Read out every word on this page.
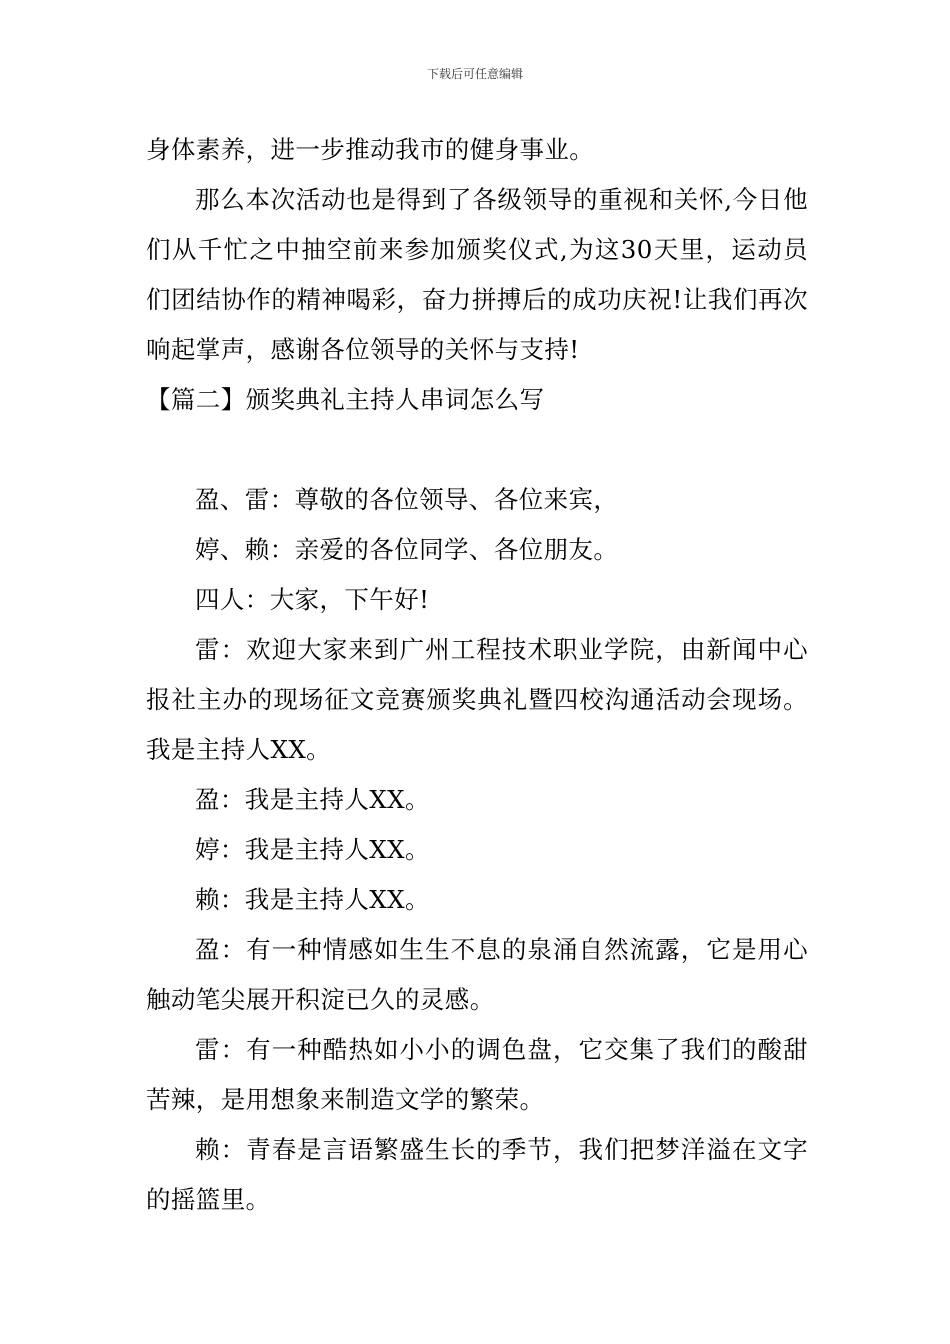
下载后可任意编辑

身体素养，进一步推动我市的健身事业。

那么本次活动也是得到了各级领导的重视和关怀,今日他们从千忙之中抽空前来参加颁奖仪式,为这30天里，运动员们团结协作的精神喝彩，奋力拼搏后的成功庆祝!让我们再次响起掌声，感谢各位领导的关怀与支持!

【篇二】颁奖典礼主持人串词怎么写

盈、雷：尊敬的各位领导、各位来宾，

婷、赖：亲爱的各位同学、各位朋友。

四人：大家，下午好!

雷：欢迎大家来到广州工程技术职业学院，由新闻中心报社主办的现场征文竞赛颁奖典礼暨四校沟通活动会现场。我是主持人XX。

盈：我是主持人XX。

婷：我是主持人XX。

赖：我是主持人XX。

盈：有一种情感如生生不息的泉涌自然流露，它是用心触动笔尖展开积淀已久的灵感。

雷：有一种酷热如小小的调色盘，它交集了我们的酸甜苦辣，是用想象来制造文学的繁荣。

赖：青春是言语繁盛生长的季节，我们把梦洋溢在文字的摇篮里。
